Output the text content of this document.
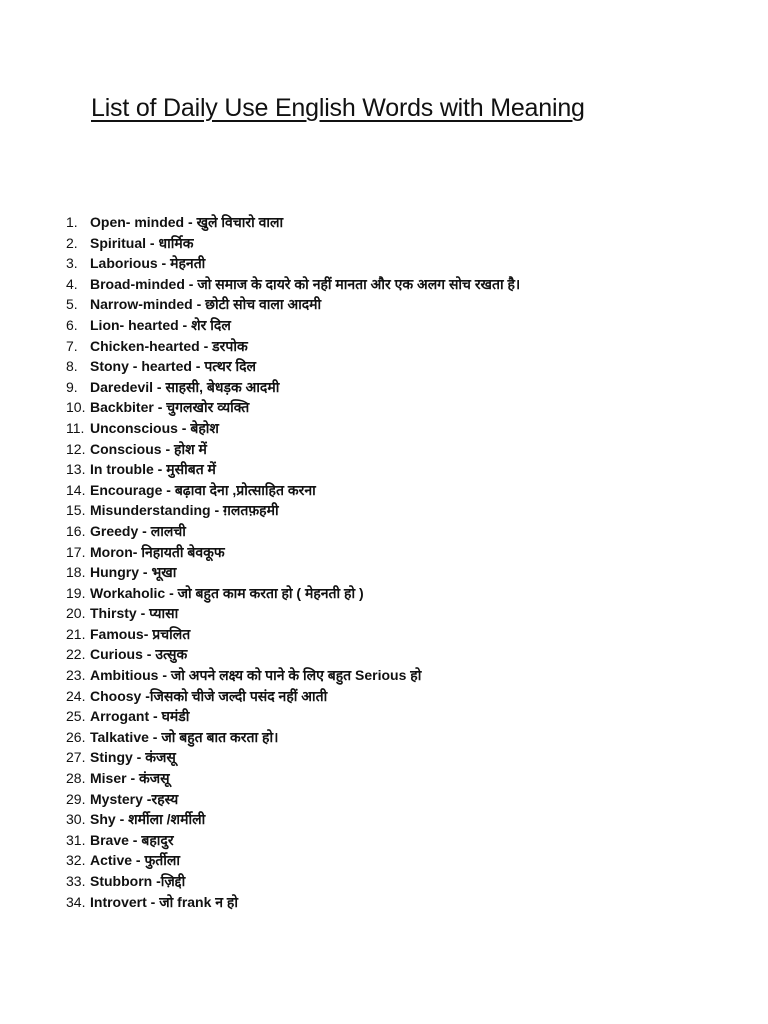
List of Daily Use English Words with Meaning
1. Open- minded - खुले विचारो वाला
2. Spiritual - धार्मिक
3. Laborious - मेहनती
4. Broad-minded - जो समाज के दायरे को नहीं मानता और एक अलग सोच रखता है।
5. Narrow-minded - छोटी सोच वाला आदमी
6. Lion- hearted - शेर दिल
7. Chicken-hearted - डरपोक
8. Stony - hearted - पत्थर दिल
9. Daredevil - साहसी, बेधड़क आदमी
10. Backbiter - चुगलखोर व्यक्ति
11. Unconscious - बेहोश
12. Conscious - होश में
13. In trouble - मुसीबत में
14. Encourage - बढ़ावा देना ,प्रोत्साहित करना
15. Misunderstanding - ग़लतफ़हमी
16. Greedy - लालची
17. Moron - निहायती बेवकूफ
18. Hungry - भूखा
19. Workaholic - जो बहुत काम करता हो ( मेहनती हो )
20. Thirsty - प्यासा
21. Famous - प्रचलित
22. Curious - उत्सुक
23. Ambitious - जो अपने लक्ष्य को पाने के लिए बहुत Serious हो
24. Choosy - जिसको चीजे जल्दी पसंद नहीं आती
25. Arrogant - घमंडी
26. Talkative - जो बहुत बात करता हो।
27. Stingy - कंजसू
28. Miser - कंजसू
29. Mystery - रहस्य
30. Shy - शर्मीला /शर्मीली
31. Brave - बहादुर
32. Active - फुर्तीला
33. Stubborn - ज़िद्दी
34. Introvert - जो frank न हो
